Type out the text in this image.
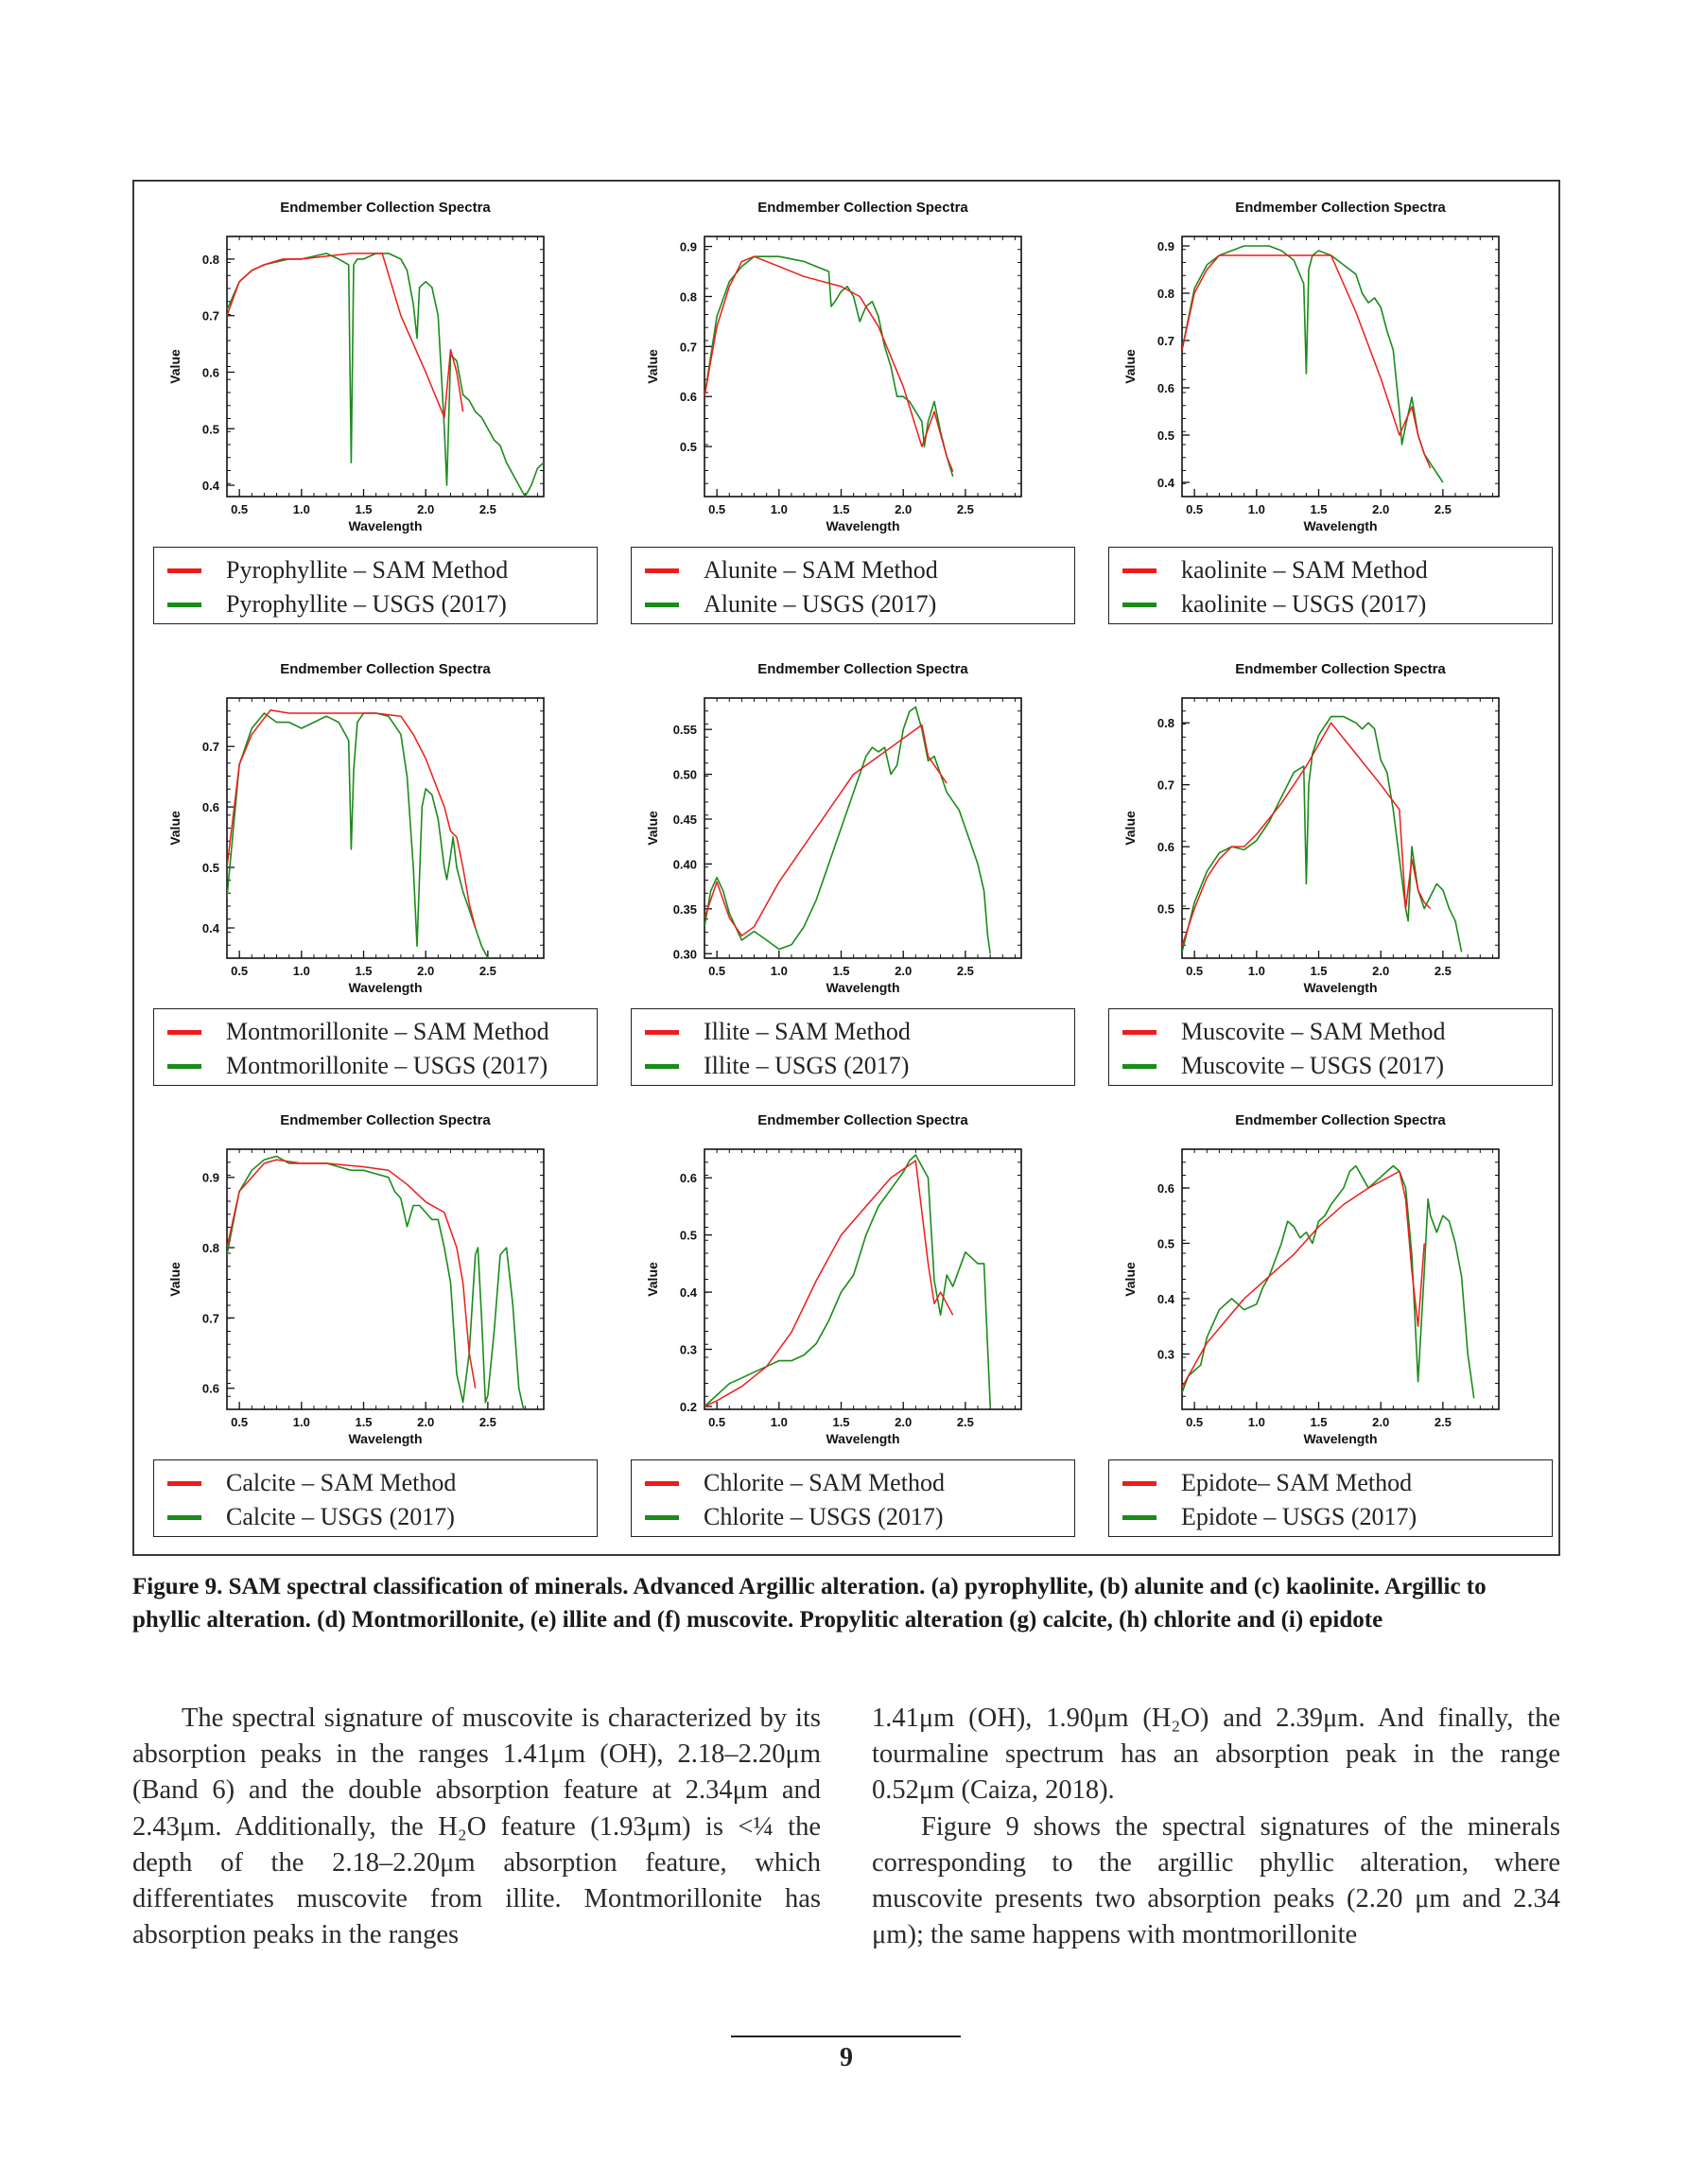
Endmember Collection Spectra
0.5	1.0	1.5	2.0	2.5
0.4
0.5
0.6
0.7
0.8
Wavelength
Value
Pyrophyllite – SAM Method
Pyrophyllite – USGS (2017)
Endmember Collection Spectra
0.5	1.0	1.5	2.0	2.5
0.5
0.6
0.7
0.8
0.9
Wavelength
Value
Alunite – SAM Method
Alunite – USGS (2017)
Endmember Collection Spectra
0.5	1.0	1.5	2.0	2.5
0.4
0.5
0.6
0.7
0.8
0.9
Wavelength
Value
kaolinite – SAM Method
kaolinite – USGS (2017)
Endmember Collection Spectra
0.5	1.0	1.5	2.0	2.5
0.4
0.5
0.6
0.7
Wavelength
Value
Montmorillonite – SAM Method
Montmorillonite – USGS (2017)
Endmember Collection Spectra
0.5	1.0	1.5	2.0	2.5
0.30
0.35
0.40
0.45
0.50
0.55
Wavelength
Value
Illite – SAM Method
Illite – USGS (2017)
Endmember Collection Spectra
0.5	1.0	1.5	2.0	2.5
0.5
0.6
0.7
0.8
Wavelength
Value
Muscovite – SAM Method
Muscovite – USGS (2017)
Endmember Collection Spectra
0.5	1.0	1.5	2.0	2.5
0.6
0.7
0.8
0.9
Wavelength
Value
Calcite – SAM Method
Calcite – USGS (2017)
Endmember Collection Spectra
0.5	1.0	1.5	2.0	2.5
0.2
0.3
0.4
0.5
0.6
Wavelength
Value
Chlorite – SAM Method
Chlorite – USGS (2017)
Endmember Collection Spectra
0.5	1.0	1.5	2.0	2.5
0.3
0.4
0.5
0.6
Wavelength
Value
Epidote– SAM Method
Epidote – USGS (2017)
Figure 9. SAM spectral classification of minerals. Advanced Argillic alteration. (a) pyrophyllite, (b) alunite and (c) kaolinite. Argillic to phyllic alteration. (d) Montmorillonite, (e) illite and (f) muscovite. Propylitic alteration (g) calcite, (h) chlorite and (i) epidote

The spectral signature of muscovite is characterized by its absorption peaks in the ranges 1.41μm (OH), 2.18–2.20μm (Band 6) and the double absorption feature at 2.34μm and 2.43μm. Additionally, the H₂O feature (1.93μm) is <¼ the depth of the 2.18–2.20μm absorption feature, which differentiates muscovite from illite. Montmorillonite has absorption peaks in the ranges

1.41μm (OH), 1.90μm (H₂O) and 2.39μm. And finally, the tourmaline spectrum has an absorption peak in the range 0.52μm (Caiza, 2018).

Figure 9 shows the spectral signatures of the minerals corresponding to the argillic phyllic alteration, where muscovite presents two absorption peaks (2.20 μm and 2.34 μm); the same happens with montmorillonite

9
